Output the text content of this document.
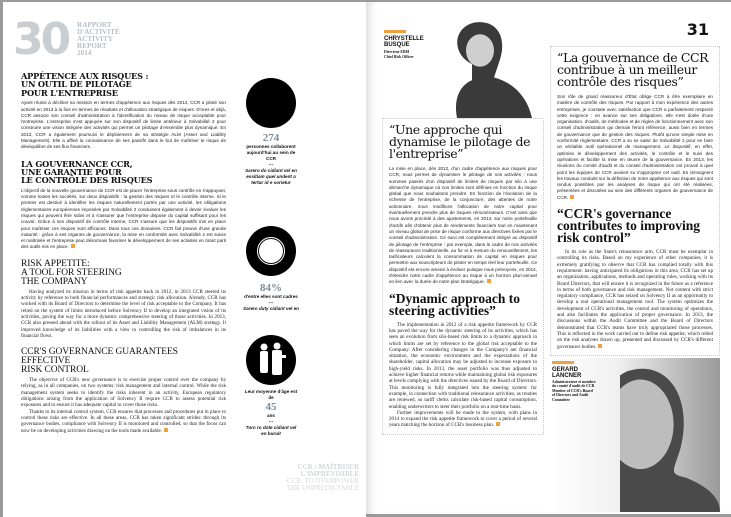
30 RAPPORT
D'ACTIVITÉ
ACTIVITY
REPORT
2014
APPÉTENCE AUX RISQUES :
UN OUTIL DE PILOTAGE
POUR L'ENTREPRISE

Ayant réussi à décliner sa mission en termes d'appétence aux risques dès 2012, CCR a piloté son activité en 2013 à la fois en termes de résultats et d'allocation stratégique de risques. D'ores et déjà, CCR associe son conseil d'administration à l'identification du niveau de risque acceptable pour l'entreprise. L'entreprise s'est appuyée sur son dispositif de limite antérieur à Solvabilité 2 pour construire une vision intégrée des activités qui permet un pilotage d'ensemble plus dynamique. En 2013, CCR a également poursuivi le déploiement de sa stratégie ALM (Asset and Liability Management). Elle a affiné la connaissance de ses passifs dans le but de maîtriser le risque de déséquilibre de ses flux financiers.

LA GOUVERNANCE CCR,
UNE GARANTIE POUR
LE CONTRÔLE DES RISQUES

L'objectif de la nouvelle gouvernance de CCR est de placer l'entreprise sous contrôle en s'appuyant, comme toutes les sociétés, sur deux dispositifs : la gestion des risques et le contrôle interne. Si le premier est destiné à identifier les risques naturellement portés par une activité, les obligations réglementaires européennes imposées par Solvabilité 2 conduisent également à devoir évaluer les risques qui peuvent être subis et à s'assurer que l'entreprise dispose du capital suffisant pour les couvrir. Grâce à son dispositif de contrôle interne, CCR s'assure que les dispositifs mis en place pour maîtriser ces risques sont efficaces. Dans tous ces domaines, CCR fait preuve d'une grande maturité : grâce à ses organes de gouvernance, la mise en conformité avec Solvabilité 2 est suivie et maîtrisée et l'entreprise peut désormais favoriser le développement de ses activités en tirant parti des outils mis en place.

RISK APPETITE:
A TOOL FOR STEERING
THE COMPANY

Having analyzed its mission in terms of risk appetite back in 2012, in 2013 CCR steered its activity by reference to both financial performances and strategic risk allocation. Already, CCR has worked with its Board of Directors to determine the level of risk acceptable to the Company. It has relied on the system of limits introduced before Solvency II to develop an integrated vision of its activities, paving the way for a more dynamic comprehensive steering of those activities. In 2013, CCR also pressed ahead with the rollout of its Asset and Liability Management (ALM) strategy. It improved knowledge of its liabilities with a view to controlling the risk of imbalances in its financial flows.

CCR'S GOVERNANCE GUARANTEES
EFFECTIVE
RISK CONTROL

The objective of CCR's new governance is to exercise proper control over the company by relying, as in all companies, on two systems: risk management and internal control. While the risk management system seeks to identify the risks inherent in an activity, European regulatory obligations arising from the application of Solvency II require CCR to assess potential risk exposures and to ensure it has adequate capital to cover those risks.

Thanks to its internal control system, CCR ensures that processes and procedures put in place to control these risks are effective. In all these areas, CCR has taken significant strides: through its governance bodies, compliance with Solvency II is monitored and controlled, so that the focus can now be on developing activities drawing on the tools made available.

274
personnes collaborent aujourd'hui au sein de CCR
---
Sarero do cidiant vel en essitiam quel undent a tertur id e sorietur
84%
d'entre elles sont cadres
---
Sarero duty cidiant vel en
Leur moyenne d'âge est de
45
ans
---
Toro ro dote cidiant vel en buruit
CCR : MAÎTRISER
L'IMPRÉVISIBLE
CCR: TO OVERPOWER
THE UNPREDICTABLE
31
CHRYSTELLE
BUSQUE
Directeur ERM
Chief Risk Officer
“Une approche qui dynamise le pilotage de l'entreprise”

La mise en place, dès 2012, d'un cadre d'appétence aux risques pour CCR, nous permet de dynamiser le pilotage de nos activités : nous sommes passés d'un dispositif de limites de risques par silo à une démarche dynamique où nos limites sont définies en fonction du risque global que nous souhaitons prendre. En fonction de l'évolution de la richesse de l'entreprise, de la conjoncture, des attentes de notre actionnaire, nous modifions l'allocation de notre capital pour éventuellement prendre plus de risques rémunérateurs. C'est ainsi que nous avons procédé à des ajustements, en 2013, sur notre portefeuille d'actifs afin d'obtenir plus de rendements financiers tout en maintenant un niveau global de prise de risque conforme aux directives fixées par le conseil d'administration. Ce suivi est complètement intégré au dispositif de pilotage de l'entreprise : par exemple, dans le cadre de nos activités de réassurance traditionnelle, au fur et à mesure du renouvellement, les tarificateurs calculent la consommation de capital en risques pour permettre aux souscripteurs de piloter en temps réel leur portefeuille. Ce dispositif est encore amené à évoluer puisque nous prévoyons, en 2014, d'étendre notre cadre d'appétence au risque à un horizon pluri-annuel en lien avec la durée de notre plan stratégique.

“Dynamic approach to steering activities”

The implementation in 2012 of a risk appetite framework by CCR has paved the way for the dynamic steering of its activities, which has seen an evolution from silo-based risk limits to a dynamic approach in which limits are set by reference to the global risk acceptable to the Company. After considering changes in the Company's net financial situation, the economic environment and the expectations of the shareholder, capital allocation may be adjusted to increase exposure to high-yield risks. In 2013, the asset portfolio was thus adjusted to achieve higher financial returns while maintaining global risk exposures at levels complying with the directives issued by the Board of Directors. This monitoring is fully integrated into the steering system: for example, in connection with traditional reinsurance activities, as treaties are renewed, so tariff clerks calculate risk-based capital consumption, enabling underwriters to steer their portfolio on a real-time basis.

Further improvements will be made to the system, with plans in 2014 to expand the risk appetite framework to cover a period of several years matching the horizon of CCR's business plan.

“La gouvernance de CCR contribue à un meilleur contrôle des risques”

Son rôle de grand réassureur d'État oblige CCR à être exemplaire en matière de contrôle des risques. Par rapport à mon expérience des autres entreprises, je constate avec satisfaction que CCR a parfaitement respecté cette exigence : en avance sur ses obligations, elle s'est dotée d'une organisation, d'outils, de méthodes et de règles de fonctionnement avec son conseil d'administration qui demain feront référence, aussi bien en termes de gouvernance que de gestion des risques. Plutôt qu'une simple mise en conformité réglementaire, CCR a su se saisir de Solvabilité 2 pour en faire un véritable outil opérationnel de management. Le dispositif, en effet, optimise le développement des activités, le contrôle et le suivi des opérations et facilite la mise en œuvre de la gouvernance. En 2013, les réunions du comité d'audit et du conseil d'administration ont prouvé à quel point les équipes de CCR avaient su s'approprier cet outil. En témoignent les travaux conduits sur la définition de notre appétence aux risques qui sont rendus possibles par les analyses de risque qui ont été réalisées, présentées et discutées au sein des différents organes de gouvernance de CCR.

“CCR's governance contributes to improving risk control”

In its role as the State's reinsurance arm, CCR must be exemplar in controlling its risks. Based on my experience of other companies, it is extremely gratifying to observe that CCR has complied totally with this requirement: having anticipated its obligations in this area, CCR has set up an organization, applications, methods and operating rules, working with its Board Directors, that will ensure it is recognized in the future as a reference in terms of both governance and risk management. Not content with strict regulatory compliance, CCR has seized on Solvency II as an opportunity to develop a real operational management tool. The system optimizes the development of CCR's activities, the control and monitoring of operations, and also facilitates the application of proper governance. In 2013, the discussions within the Audit Committee and the Board of Directors demonstrated that CCR's teams have truly appropriated those processes. This is reflected in the work carried out to define risk appetite, which relied on the risk analyses drawn up, presented and discussed by CCR's different governance bodies.

GERARD
LANCNER
Administrateur et membre
du comité d'audit de CCR
Member of CCR's Board
of Directors and Audit
Committee
